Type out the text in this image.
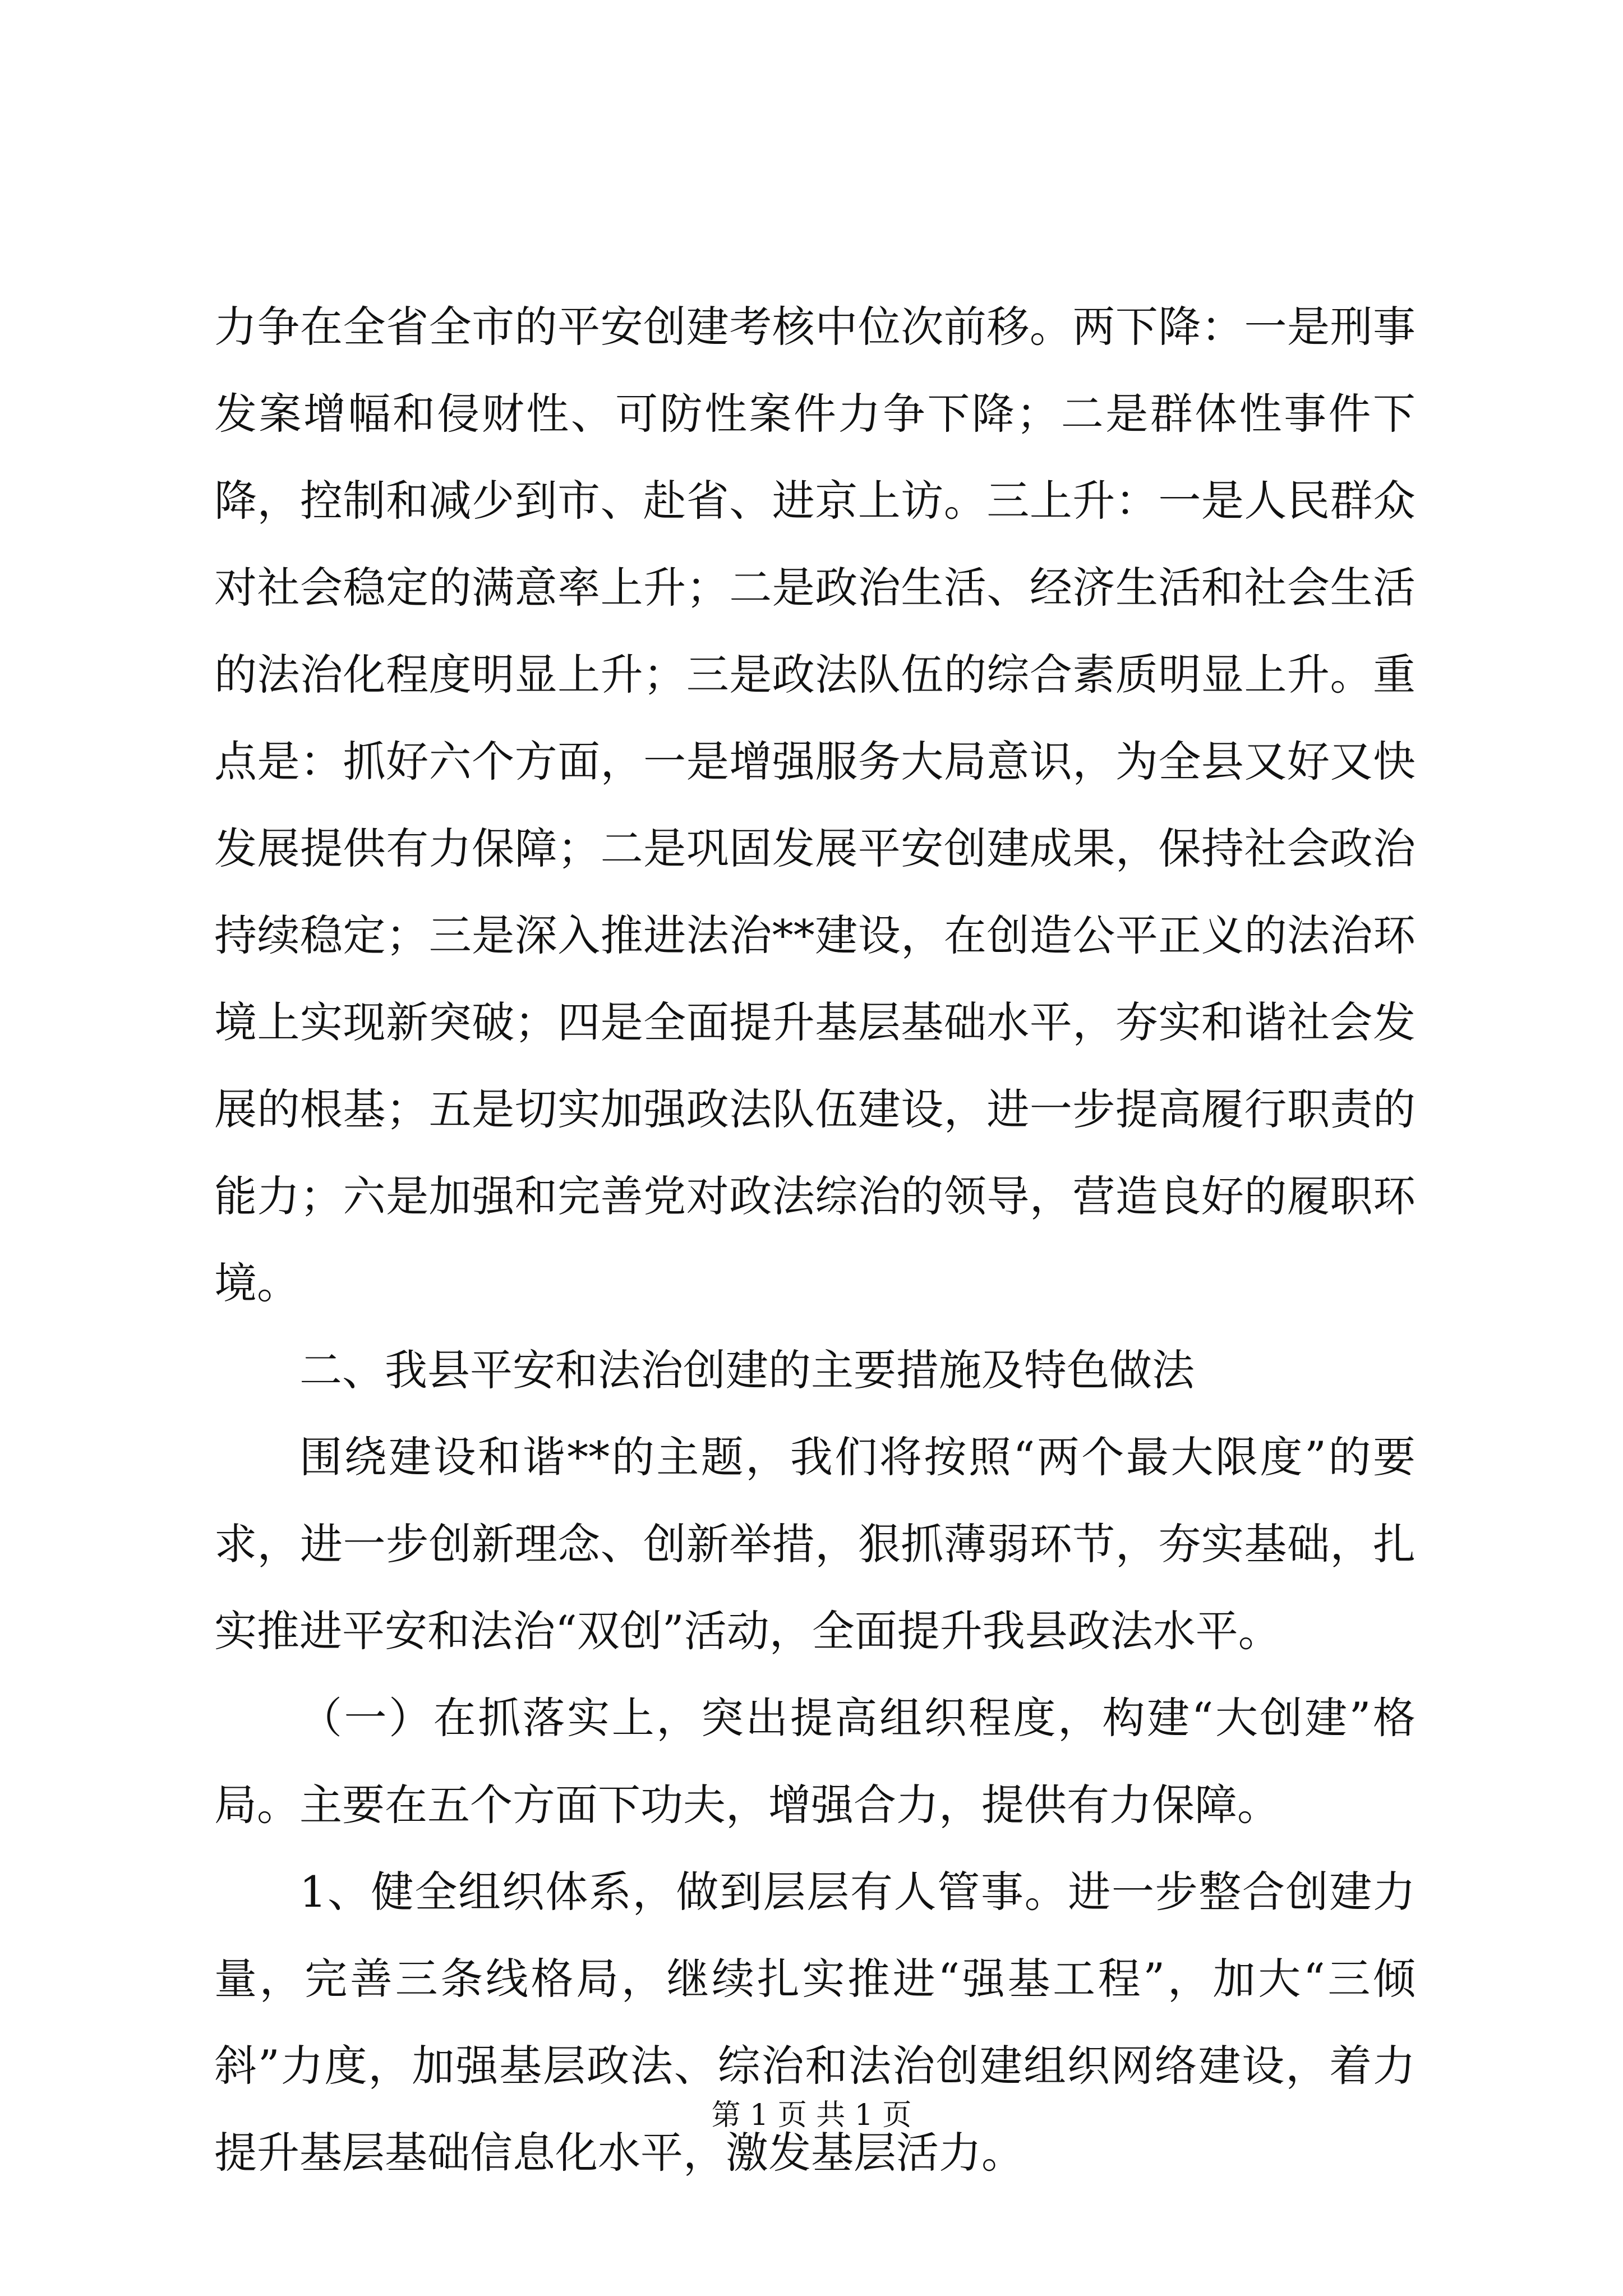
力争在全省全市的平安创建考核中位次前移。两下降：一是刑事发案增幅和侵财性、可防性案件力争下降；二是群体性事件下降，控制和减少到市、赴省、进京上访。三上升：一是人民群众对社会稳定的满意率上升；二是政治生活、经济生活和社会生活的法治化程度明显上升；三是政法队伍的综合素质明显上升。重点是：抓好六个方面，一是增强服务大局意识，为全县又好又快发展提供有力保障；二是巩固发展平安创建成果，保持社会政治持续稳定；三是深入推进法治**建设，在创造公平正义的法治环境上实现新突破；四是全面提升基层基础水平，夯实和谐社会发展的根基；五是切实加强政法队伍建设，进一步提高履行职责的能力；六是加强和完善党对政法综治的领导，营造良好的履职环境。

二、我县平安和法治创建的主要措施及特色做法

围绕建设和谐**的主题，我们将按照“两个最大限度”的要求，进一步创新理念、创新举措，狠抓薄弱环节，夯实基础，扎实推进平安和法治“双创”活动，全面提升我县政法水平。

（一）在抓落实上，突出提高组织程度，构建“大创建”格局。主要在五个方面下功夫，增强合力，提供有力保障。

1、健全组织体系，做到层层有人管事。进一步整合创建力量，完善三条线格局，继续扎实推进“强基工程”，加大“三倾斜”力度，加强基层政法、综治和法治创建组织网络建设，着力提升基层基础信息化水平，激发基层活力。

第 1 页 共 1 页
